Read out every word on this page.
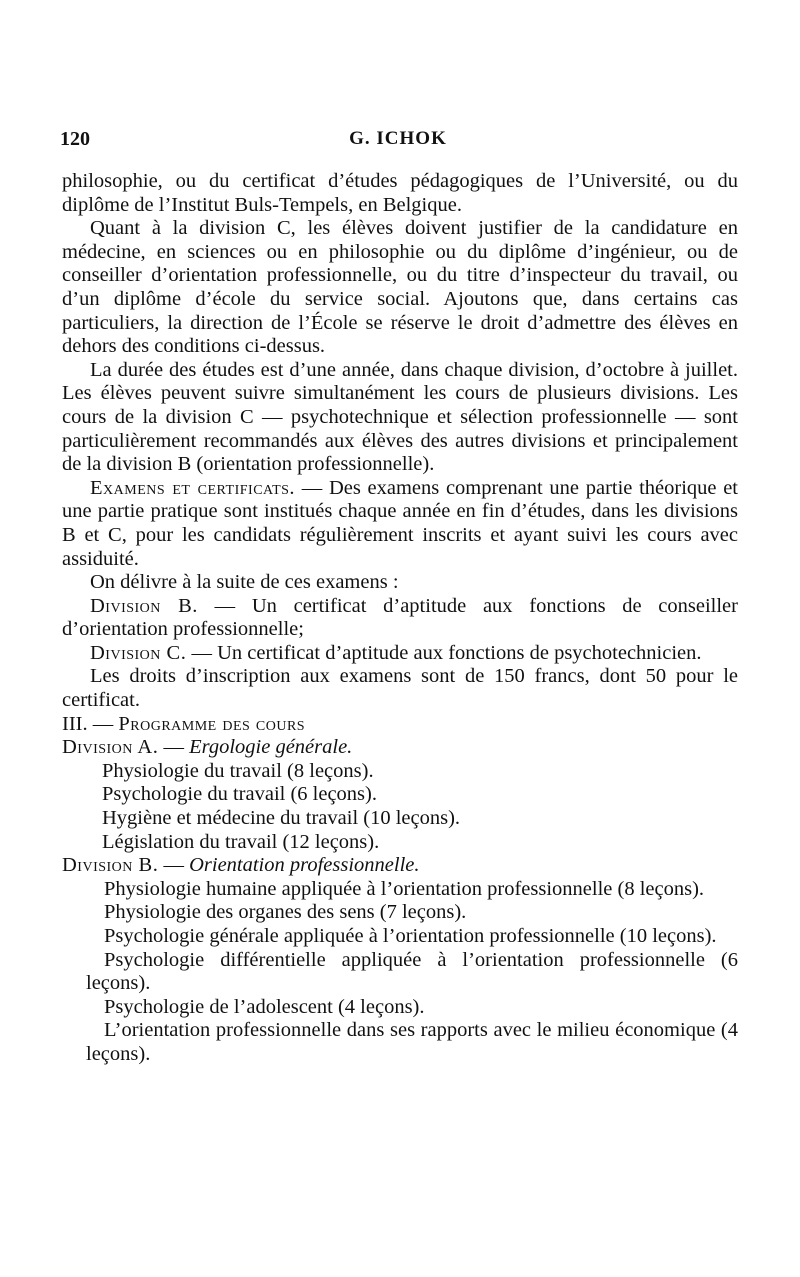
120	G. ICHOK

philosophie, ou du certificat d’études pédagogiques de l’Université, ou du diplôme de l’Institut Buls-Tempels, en Belgique.

Quant à la division C, les élèves doivent justifier de la candidature en médecine, en sciences ou en philosophie ou du diplôme d’ingénieur, ou de conseiller d’orientation professionnelle, ou du titre d’inspecteur du travail, ou d’un diplôme d’école du service social. Ajoutons que, dans certains cas particuliers, la direction de l’École se réserve le droit d’admettre des élèves en dehors des conditions ci-dessus.

La durée des études est d’une année, dans chaque division, d’octobre à juillet. Les élèves peuvent suivre simultanément les cours de plusieurs divisions. Les cours de la division C — psychotechnique et sélection professionnelle — sont particulièrement recommandés aux élèves des autres divisions et principalement de la division B (orientation professionnelle).

Examens et certificats. — Des examens comprenant une partie théorique et une partie pratique sont institués chaque année en fin d’études, dans les divisions B et C, pour les candidats régulièrement inscrits et ayant suivi les cours avec assiduité.

On délivre à la suite de ces examens :

Division B. — Un certificat d’aptitude aux fonctions de conseiller d’orientation professionnelle;

Division C. — Un certificat d’aptitude aux fonctions de psychotechnicien.

Les droits d’inscription aux examens sont de 150 francs, dont 50 pour le certificat.

III. — Programme des cours

Division A. — Ergologie générale.

Physiologie du travail (8 leçons).
Psychologie du travail (6 leçons).
Hygiène et médecine du travail (10 leçons).
Législation du travail (12 leçons).

Division B. — Orientation professionnelle.

Physiologie humaine appliquée à l’orientation professionnelle (8 leçons).
Physiologie des organes des sens (7 leçons).
Psychologie générale appliquée à l’orientation professionnelle (10 leçons).
Psychologie différentielle appliquée à l’orientation professionnelle (6 leçons).
Psychologie de l’adolescent (4 leçons).
L’orientation professionnelle dans ses rapports avec le milieu économique (4 leçons).
